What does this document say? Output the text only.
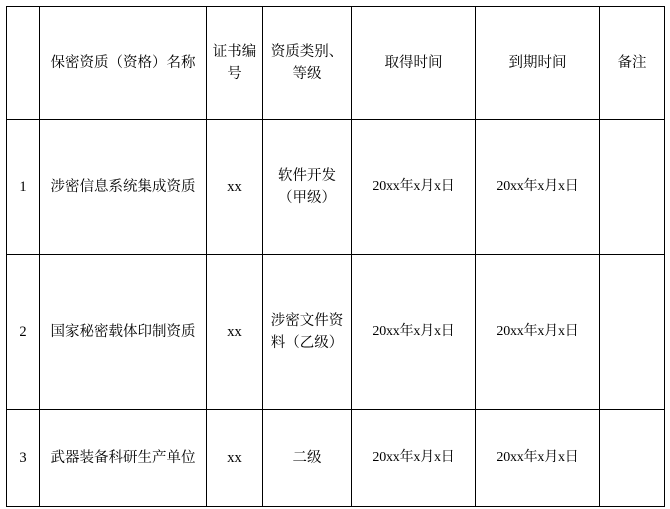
	保密资质（资格）名称	证书编号	资质类别、等级	取得时间	到期时间	备注

1	涉密信息系统集成资质	xx	软件开发（甲级）	20xx年x月x日	20xx年x月x日	

2	国家秘密载体印制资质	xx	涉密文件资料（乙级）	20xx年x月x日	20xx年x月x日	

3	武器装备科研生产单位	xx	二级	20xx年x月x日	20xx年x月x日	
